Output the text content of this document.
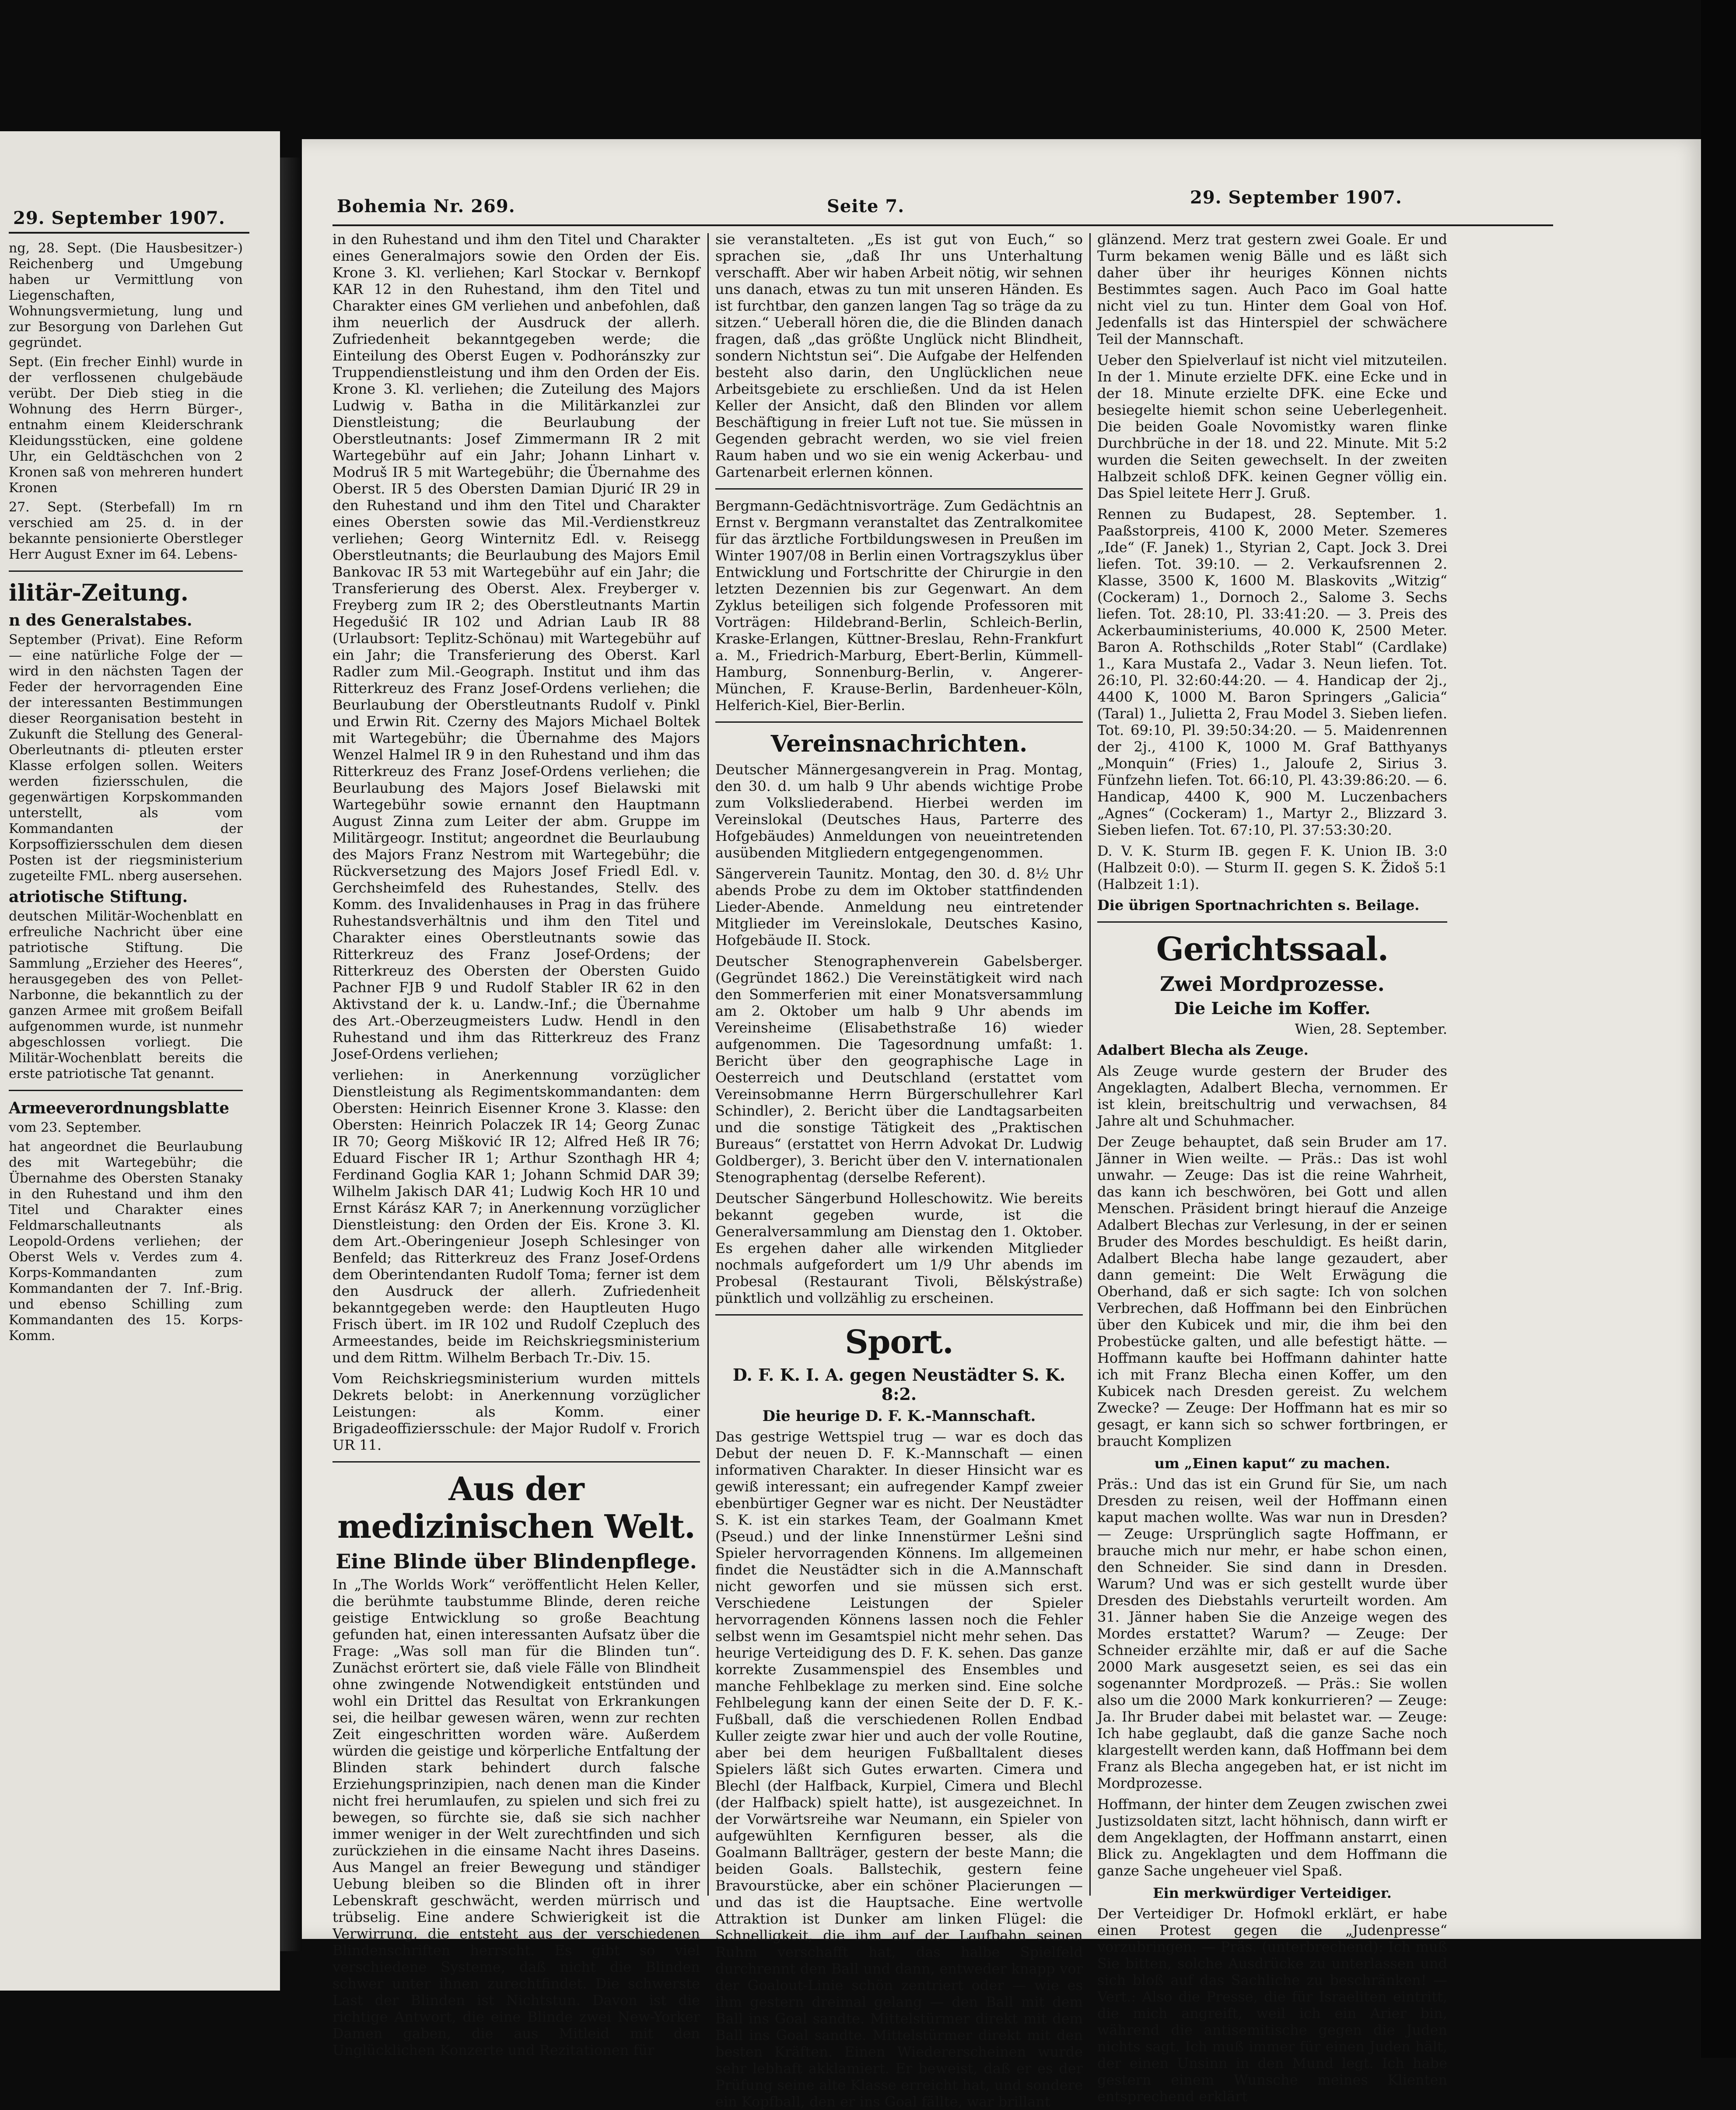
29. September 1907.

ng, 28. Sept. (Die Hausbesitzer-) Reichenberg und Umgebung haben ur Vermittlung von Liegenschaften, Wohnungsvermietung, lung und zur Besorgung von Darlehen Gut gegründet.

Sept. (Ein frecher Einhl) wurde in der verflossenen chulgebäude verübt. Der Dieb stieg in die Wohnung des Herrn Bürger-, entnahm einem Kleiderschrank Kleidungsstücken, eine goldene Uhr, ein Geldtäschchen von 2 Kronen saß von mehreren hundert Kronen

27. Sept. (Sterbefall) Im rn verschied am 25. d. in der bekannte pensionierte Oberstleger Herr August Exner im 64. Lebens-

ilitär-Zeitung.
n des Generalstabes.

September (Privat). Eine Reform — eine natürliche Folge der — wird in den nächsten Tagen der Feder der hervorragenden Eine der interessanten Bestimmungen dieser Reorganisation besteht in Zukunft die Stellung des General-Oberleutnants di- ptleuten erster Klasse erfolgen sollen. Weiters werden fiziersschulen, die gegenwärtigen Korpskommanden unterstellt, als vom Kommandanten der Korpsoffiziersschulen dem diesen Posten ist der riegsministerium zugeteilte FML. nberg ausersehen.

atriotische Stiftung.

deutschen Militär-Wochenblatt en erfreuliche Nachricht über eine patriotische Stiftung. Die Sammlung „Erzieher des Heeres“, herausgegeben des von Pellet-Narbonne, die bekanntlich zu der ganzen Armee mit großem Beifall aufgenommen wurde, ist nunmehr abgeschlossen vorliegt. Die Militär-Wochenblatt bereits die erste patriotische Tat genannt.

Armeeverordnungsblatte

vom 23. September.

hat angeordnet die Beurlaubung des mit Wartegebühr; die Übernahme des Obersten Stanaky in den Ruhestand und ihm den Titel und Charakter eines Feldmarschalleutnants als Leopold-Ordens verliehen; der Oberst Wels v. Verdes zum 4. Korps-Kommandanten zum Kommandanten der 7. Inf.-Brig. und ebenso Schilling zum Kommandanten des 15. Korps-Komm.

Bohemia Nr. 269.	Seite 7.	29. September 1907.

in den Ruhestand und ihm den Titel und Charakter eines Generalmajors sowie den Orden der Eis. Krone 3. Kl. verliehen; Karl Stockar v. Bernkopf KAR 12 in den Ruhestand, ihm den Titel und Charakter eines GM verliehen und anbefohlen, daß ihm neuerlich der Ausdruck der allerh. Zufriedenheit bekanntgegeben werde; die Einteilung des Oberst Eugen v. Podhoránszky zur Truppendienstleistung und ihm den Orden der Eis. Krone 3. Kl. verliehen; die Zuteilung des Majors Ludwig v. Batha in die Militärkanzlei zur Dienstleistung; die Beurlaubung der Oberstleutnants: Josef Zimmermann IR 2 mit Wartegebühr auf ein Jahr; Johann Linhart v. Modruš IR 5 mit Wartegebühr; die Übernahme des Oberst. IR 5 des Obersten Damian Djurić IR 29 in den Ruhestand und ihm den Titel und Charakter eines Obersten sowie das Mil.-Verdienstkreuz verliehen; Georg Winternitz Edl. v. Reisegg Oberstleutnants; die Beurlaubung des Majors Emil Bankovac IR 53 mit Wartegebühr auf ein Jahr; die Transferierung des Oberst. Alex. Freyberger v. Freyberg zum IR 2; des Oberstleutnants Martin Hegedušić IR 102 und Adrian Laub IR 88 (Urlaubsort: Teplitz-Schönau) mit Wartegebühr auf ein Jahr; die Transferierung des Oberst. Karl Radler zum Mil.-Geograph. Institut und ihm das Ritterkreuz des Franz Josef-Ordens verliehen; die Beurlaubung der Oberstleutnants Rudolf v. Pinkl und Erwin Rit. Czerny des Majors Michael Boltek mit Wartegebühr; die Übernahme des Majors Wenzel Halmel IR 9 in den Ruhestand und ihm das Ritterkreuz des Franz Josef-Ordens verliehen; die Beurlaubung des Majors Josef Bielawski mit Wartegebühr sowie ernannt den Hauptmann August Zinna zum Leiter der abm. Gruppe im Militärgeogr. Institut; angeordnet die Beurlaubung des Majors Franz Nestrom mit Wartegebühr; die Rückversetzung des Majors Josef Friedl Edl. v. Gerchsheimfeld des Ruhestandes, Stellv. des Komm. des Invalidenhauses in Prag in das frühere Ruhestandsverhältnis und ihm den Titel und Charakter eines Oberstleutnants sowie das Ritterkreuz des Franz Josef-Ordens; der Ritterkreuz des Obersten der Obersten Guido Pachner FJB 9 und Rudolf Stabler IR 62 in den Aktivstand der k. u. Landw.-Inf.; die Übernahme des Art.-Oberzeugmeisters Ludw. Hendl in den Ruhestand und ihm das Ritterkreuz des Franz Josef-Ordens verliehen;

verliehen: in Anerkennung vorzüglicher Dienstleistung als Regimentskommandanten: dem Obersten: Heinrich Eisenner Krone 3. Klasse: den Obersten: Heinrich Polaczek IR 14; Georg Zunac IR 70; Georg Mišković IR 12; Alfred Heß IR 76; Eduard Fischer IR 1; Arthur Szonthagh HR 4; Ferdinand Goglia KAR 1; Johann Schmid DAR 39; Wilhelm Jakisch DAR 41; Ludwig Koch HR 10 und Ernst Kárász KAR 7; in Anerkennung vorzüglicher Dienstleistung: den Orden der Eis. Krone 3. Kl. dem Art.-Oberingenieur Joseph Schlesinger von Benfeld; das Ritterkreuz des Franz Josef-Ordens dem Oberintendanten Rudolf Toma; ferner ist dem den Ausdruck der allerh. Zufriedenheit bekanntgegeben werde: den Hauptleuten Hugo Frisch übert. im IR 102 und Rudolf Czepluch des Armeestandes, beide im Reichskriegsministerium und dem Rittm. Wilhelm Berbach Tr.-Div. 15.

Vom Reichskriegsministerium wurden mittels Dekrets belobt: in Anerkennung vorzüglicher Leistungen: als Komm. einer Brigadeoffiziersschule: der Major Rudolf v. Frorich UR 11.

Aus der medizinischen Welt.
Eine Blinde über Blindenpflege.

In „The Worlds Work“ veröffentlicht Helen Keller, die berühmte taubstumme Blinde, deren reiche geistige Entwicklung so große Beachtung gefunden hat, einen interessanten Aufsatz über die Frage: „Was soll man für die Blinden tun“. Zunächst erörtert sie, daß viele Fälle von Blindheit ohne zwingende Notwendigkeit entstünden und wohl ein Drittel das Resultat von Erkrankungen sei, die heilbar gewesen wären, wenn zur rechten Zeit eingeschritten worden wäre. Außerdem würden die geistige und körperliche Entfaltung der Blinden stark behindert durch falsche Erziehungsprinzipien, nach denen man die Kinder nicht frei herumlaufen, zu spielen und sich frei zu bewegen, so fürchte sie, daß sie sich nachher immer weniger in der Welt zurechtfinden und sich zurückziehen in die einsame Nacht ihres Daseins. Aus Mangel an freier Bewegung und ständiger Uebung bleiben so die Blinden oft in ihrer Lebenskraft geschwächt, werden mürrisch und trübselig. Eine andere Schwierigkeit ist die Verwirrung, die entsteht aus der verschiedenen Blindenschriften herrscht. Es gibt so viel verschiedene Systeme, daß nicht die Blinden schwer unter ihnen zurechtfindet. Die schwerste Last der Blinden ist Nichtstun. Davon ist die richtige Antwort, die eine Blinde zwei New-Yorker Damen gaben, die aus Mitleid mit den Unglücklichen Konzerte und Rezitationen für

sie veranstalteten. „Es ist gut von Euch,“ so sprachen sie, „daß Ihr uns Unterhaltung verschafft. Aber wir haben Arbeit nötig, wir sehnen uns danach, etwas zu tun mit unseren Händen. Es ist furchtbar, den ganzen langen Tag so träge da zu sitzen.“ Ueberall hören die, die die Blinden danach fragen, daß „das größte Unglück nicht Blindheit, sondern Nichtstun sei“. Die Aufgabe der Helfenden besteht also darin, den Unglücklichen neue Arbeitsgebiete zu erschließen. Und da ist Helen Keller der Ansicht, daß den Blinden vor allem Beschäftigung in freier Luft not tue. Sie müssen in Gegenden gebracht werden, wo sie viel freien Raum haben und wo sie ein wenig Ackerbau- und Gartenarbeit erlernen können.

Bergmann-Gedächtnisvorträge. Zum Gedächtnis an Ernst v. Bergmann veranstaltet das Zentralkomitee für das ärztliche Fortbildungswesen in Preußen im Winter 1907/08 in Berlin einen Vortragszyklus über Entwicklung und Fortschritte der Chirurgie in den letzten Dezennien bis zur Gegenwart. An dem Zyklus beteiligen sich folgende Professoren mit Vorträgen: Hildebrand-Berlin, Schleich-Berlin, Kraske-Erlangen, Küttner-Breslau, Rehn-Frankfurt a. M., Friedrich-Marburg, Ebert-Berlin, Kümmell-Hamburg, Sonnenburg-Berlin, v. Angerer-München, F. Krause-Berlin, Bardenheuer-Köln, Helferich-Kiel, Bier-Berlin.

Vereinsnachrichten.

Deutscher Männergesangverein in Prag. Montag, den 30. d. um halb 9 Uhr abends wichtige Probe zum Volksliederabend. Hierbei werden im Vereinslokal (Deutsches Haus, Parterre des Hofgebäudes) Anmeldungen von neueintretenden ausübenden Mitgliedern entgegengenommen.

Sängerverein Taunitz. Montag, den 30. d. 8½ Uhr abends Probe zu dem im Oktober stattfindenden Lieder-Abende. Anmeldung neu eintretender Mitglieder im Vereinslokale, Deutsches Kasino, Hofgebäude II. Stock.

Deutscher Stenographenverein Gabelsberger. (Gegründet 1862.) Die Vereinstätigkeit wird nach den Sommerferien mit einer Monatsversammlung am 2. Oktober um halb 9 Uhr abends im Vereinsheime (Elisabethstraße 16) wieder aufgenommen. Die Tagesordnung umfaßt: 1. Bericht über den geographische Lage in Oesterreich und Deutschland (erstattet vom Vereinsobmanne Herrn Bürgerschullehrer Karl Schindler), 2. Bericht über die Landtagsarbeiten und die sonstige Tätigkeit des „Praktischen Bureaus“ (erstattet von Herrn Advokat Dr. Ludwig Goldberger), 3. Bericht über den V. internationalen Stenographentag (derselbe Referent).

Deutscher Sängerbund Holleschowitz. Wie bereits bekannt gegeben wurde, ist die Generalversammlung am Dienstag den 1. Oktober. Es ergehen daher alle wirkenden Mitglieder nochmals aufgefordert um 1/9 Uhr abends im Probesal (Restaurant Tivoli, Bělskýstraße) pünktlich und vollzählig zu erscheinen.

Sport.
D. F. K. I. A. gegen Neustädter S. K. 8:2.
Die heurige D. F. K.-Mannschaft.

Das gestrige Wettspiel trug — war es doch das Debut der neuen D. F. K.-Mannschaft — einen informativen Charakter. In dieser Hinsicht war es gewiß interessant; ein aufregender Kampf zweier ebenbürtiger Gegner war es nicht. Der Neustädter S. K. ist ein starkes Team, der Goalmann Kmet (Pseud.) und der linke Innenstürmer Lešni sind Spieler hervorragenden Könnens. Im allgemeinen findet die Neustädter sich in die A.Mannschaft nicht geworfen und sie müssen sich erst. Verschiedene Leistungen der Spieler hervorragenden Könnens lassen noch die Fehler selbst wenn im Gesamtspiel nicht mehr sehen. Das heurige Verteidigung des D. F. K. sehen. Das ganze korrekte Zusammenspiel des Ensembles und manche Fehlbeklage zu merken sind. Eine solche Fehlbelegung kann der einen Seite der D. F. K.-Fußball, daß die verschiedenen Rollen Endbad Kuller zeigte zwar hier und auch der volle Routine, aber bei dem heurigen Fußballtalent dieses Spielers läßt sich Gutes erwarten. Cimera und Blechl (der Halfback, Kurpiel, Cimera und Blechl (der Halfback) spielt hatte), ist ausgezeichnet. In der Vorwärtsreihe war Neumann, ein Spieler von aufgewühlten Kernfiguren besser, als die Goalmann Ballträger, gestern der beste Mann; die beiden Goals. Ballstechik, gestern feine Bravourstücke, aber ein schöner Placierungen — und das ist die Hauptsache. Eine wertvolle Attraktion ist Dunker am linken Flügel: die Schnelligkeit, die ihm auf der Laufbahn seinen Ruhm verschafft hat, das halbe Spielfeld durchrennt den Ball und dann, entweder knapp vor der Goalout-Linie schön zentriert oder — wie es ihm gestern dreimal gelang — den Ball mit dem Ball ins Goal sandte. Mittelstürmer direkt mit dem Ball ins Goal sandte. Mittelstürmer direkt mit den besten Kräften. Einen Wiedererscheinen wurde sehr lebhaft akklamiert. Er beweist, daß er es der Prüfung seine alte Klasse erreicht hat, und sondere ein Kopfball, den er ins Goal fällte, war brillant

glänzend. Merz trat gestern zwei Goale. Er und Turm bekamen wenig Bälle und es läßt sich daher über ihr heuriges Können nichts Bestimmtes sagen. Auch Paco im Goal hatte nicht viel zu tun. Hinter dem Goal von Hof. Jedenfalls ist das Hinterspiel der schwächere Teil der Mannschaft.

Ueber den Spielverlauf ist nicht viel mitzuteilen. In der 1. Minute erzielte DFK. eine Ecke und in der 18. Minute erzielte DFK. eine Ecke und besiegelte hiemit schon seine Ueberlegenheit. Die beiden Goale Novomistky waren flinke Durchbrüche in der 18. und 22. Minute. Mit 5:2 wurden die Seiten gewechselt. In der zweiten Halbzeit schloß DFK. keinen Gegner völlig ein. Das Spiel leitete Herr J. Gruß.

Rennen zu Budapest, 28. September. 1. Paaßstorpreis, 4100 K, 2000 Meter. Szemeres „Ide“ (F. Janek) 1., Styrian 2, Capt. Jock 3. Drei liefen. Tot. 39:10. — 2. Verkaufsrennen 2. Klasse, 3500 K, 1600 M. Blaskovits „Witzig“ (Cockeram) 1., Dornoch 2., Salome 3. Sechs liefen. Tot. 28:10, Pl. 33:41:20. — 3. Preis des Ackerbauministeriums, 40.000 K, 2500 Meter. Baron A. Rothschilds „Roter Stabl“ (Cardlake) 1., Kara Mustafa 2., Vadar 3. Neun liefen. Tot. 26:10, Pl. 32:60:44:20. — 4. Handicap der 2j., 4400 K, 1000 M. Baron Springers „Galicia“ (Taral) 1., Julietta 2, Frau Model 3. Sieben liefen. Tot. 69:10, Pl. 39:50:34:20. — 5. Maidenrennen der 2j., 4100 K, 1000 M. Graf Batthyanys „Monquin“ (Fries) 1., Jaloufe 2, Sirius 3. Fünfzehn liefen. Tot. 66:10, Pl. 43:39:86:20. — 6. Handicap, 4400 K, 900 M. Luczenbachers „Agnes“ (Cockeram) 1., Martyr 2., Blizzard 3. Sieben liefen. Tot. 67:10, Pl. 37:53:30:20.

D. V. K. Sturm IB. gegen F. K. Union IB. 3:0 (Halbzeit 0:0). — Sturm II. gegen S. K. Židoš 5:1 (Halbzeit 1:1).

Die übrigen Sportnachrichten s. Beilage.

Gerichtssaal.
Zwei Mordprozesse.
Die Leiche im Koffer.

Wien, 28. September.

Adalbert Blecha als Zeuge.

Als Zeuge wurde gestern der Bruder des Angeklagten, Adalbert Blecha, vernommen. Er ist klein, breitschultrig und verwachsen, 84 Jahre alt und Schuhmacher.

Der Zeuge behauptet, daß sein Bruder am 17. Jänner in Wien weilte. — Präs.: Das ist wohl unwahr. — Zeuge: Das ist die reine Wahrheit, das kann ich beschwören, bei Gott und allen Menschen. Präsident bringt hierauf die Anzeige Adalbert Blechas zur Verlesung, in der er seinen Bruder des Mordes beschuldigt. Es heißt darin, Adalbert Blecha habe lange gezaudert, aber dann gemeint: Die Welt Erwägung die Oberhand, daß er sich sagte: Ich von solchen Verbrechen, daß Hoffmann bei den Einbrüchen über den Kubicek und mir, die ihm bei den Probestücke galten, und alle befestigt hätte. — Hoffmann kaufte bei Hoffmann dahinter hatte ich mit Franz Blecha einen Koffer, um den Kubicek nach Dresden gereist. Zu welchem Zwecke? — Zeuge: Der Hoffmann hat es mir so gesagt, er kann sich so schwer fortbringen, er braucht Komplizen

um „Einen kaput“ zu machen.

Präs.: Und das ist ein Grund für Sie, um nach Dresden zu reisen, weil der Hoffmann einen kaput machen wollte. Was war nun in Dresden? — Zeuge: Ursprünglich sagte Hoffmann, er brauche mich nur mehr, er habe schon einen, den Schneider. Sie sind dann in Dresden. Warum? Und was er sich gestellt wurde über Dresden des Diebstahls verurteilt worden. Am 31. Jänner haben Sie die Anzeige wegen des Mordes erstattet? Warum? — Zeuge: Der Schneider erzählte mir, daß er auf die Sache 2000 Mark ausgesetzt seien, es sei das ein sogenannter Mordprozeß. — Präs.: Sie wollen also um die 2000 Mark konkurrieren? — Zeuge: Ja. Ihr Bruder dabei mit belastet war. — Zeuge: Ich habe geglaubt, daß die ganze Sache noch klargestellt werden kann, daß Hoffmann bei dem Franz als Blecha angegeben hat, er ist nicht im Mordprozesse.

Hoffmann, der hinter dem Zeugen zwischen zwei Justizsoldaten sitzt, lacht höhnisch, dann wirft er dem Angeklagten, der Hoffmann anstarrt, einen Blick zu. Angeklagten und dem Hoffmann die ganze Sache ungeheuer viel Spaß.

Ein merkwürdiger Verteidiger.

Der Verteidiger Dr. Hofmokl erklärt, er habe einen Protest gegen die „Judenpresse“ vorzubringen. — Präs. (unterbrechend): Ich muß Sie bitten, solche Ausdrücke zu unterlassen und sich bloß auf das Sachliche zu beschränken! — Vert.: Also die Presse, die für Israeliten eintritt, die mich angreift, weil ich ein Arier bin, während die antisemitische gegen die Juden nichts sagt. Ich muß immer für einen Juden hält, der einen Unsinn in den Mund legt. Ich habe gestern einem Wunsche meines Klienten entsprechend erklärt
